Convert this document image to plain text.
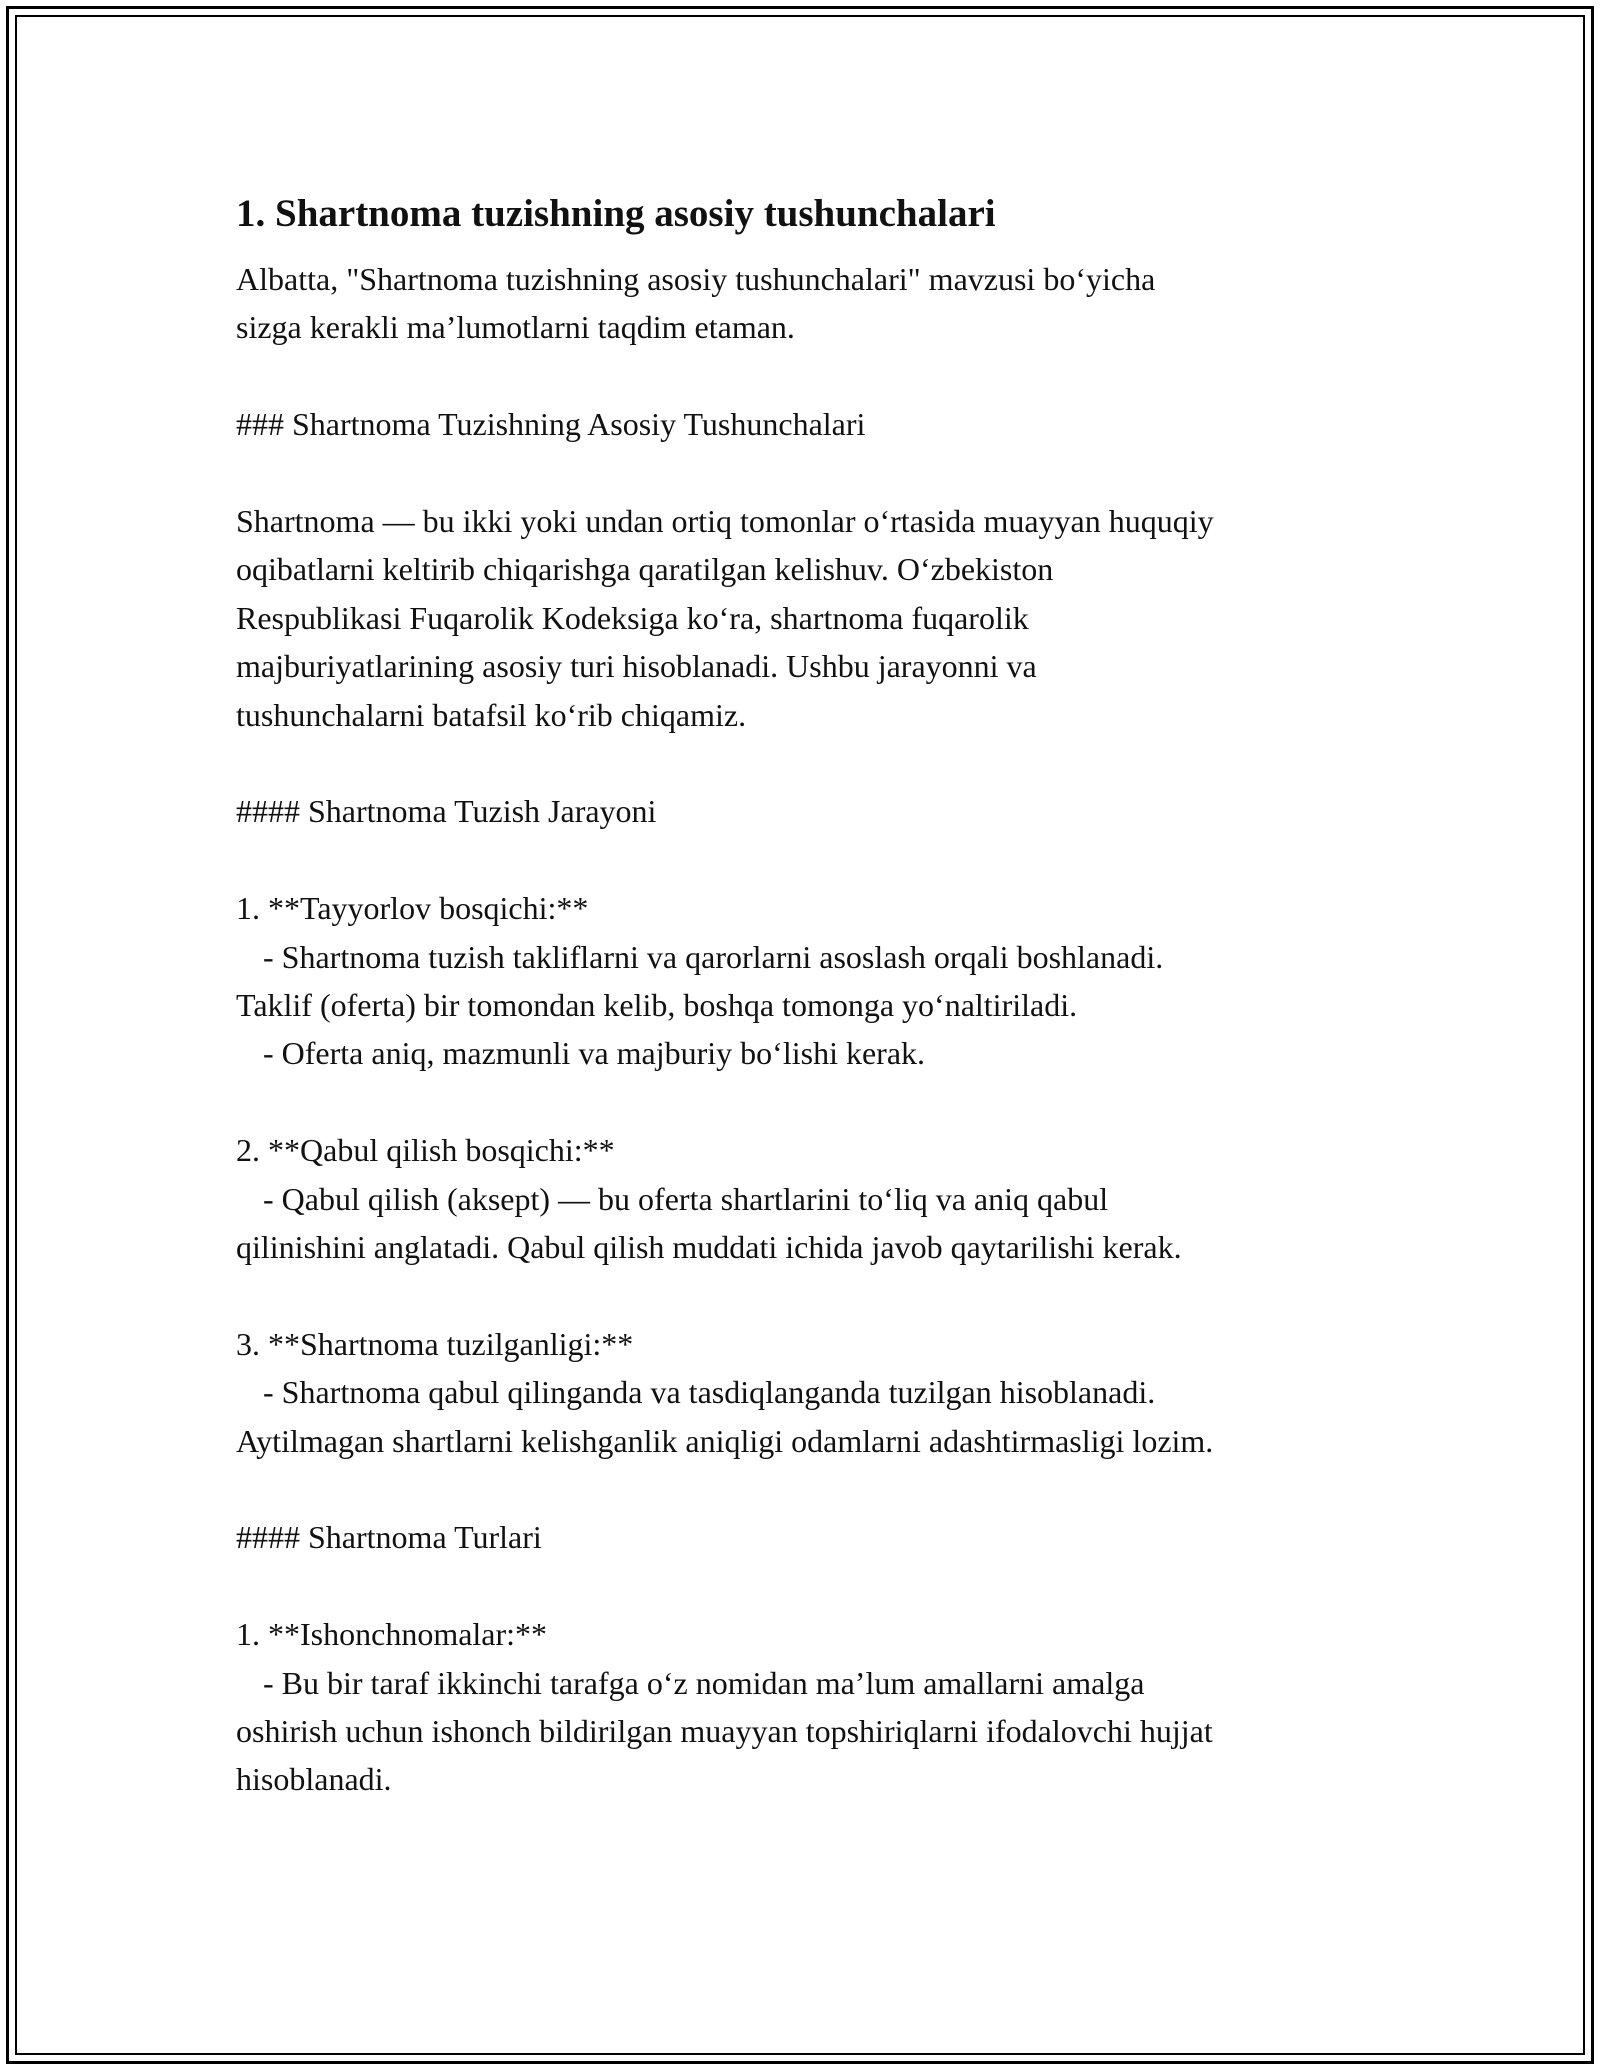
1. Shartnoma tuzishning asosiy tushunchalari
Albatta, "Shartnoma tuzishning asosiy tushunchalari" mavzusi bo‘yicha
sizga kerakli ma’lumotlarni taqdim etaman.
### Shartnoma Tuzishning Asosiy Tushunchalari
Shartnoma — bu ikki yoki undan ortiq tomonlar o‘rtasida muayyan huquqiy
oqibatlarni keltirib chiqarishga qaratilgan kelishuv. O‘zbekiston
Respublikasi Fuqarolik Kodeksiga ko‘ra, shartnoma fuqarolik
majburiyatlarining asosiy turi hisoblanadi. Ushbu jarayonni va
tushunchalarni batafsil ko‘rib chiqamiz.
#### Shartnoma Tuzish Jarayoni
1. **Tayyorlov bosqichi:**
- Shartnoma tuzish takliflarni va qarorlarni asoslash orqali boshlanadi.
Taklif (oferta) bir tomondan kelib, boshqa tomonga yo‘naltiriladi.
- Oferta aniq, mazmunli va majburiy bo‘lishi kerak.
2. **Qabul qilish bosqichi:**
- Qabul qilish (aksept) — bu oferta shartlarini to‘liq va aniq qabul
qilinishini anglatadi. Qabul qilish muddati ichida javob qaytarilishi kerak.
3. **Shartnoma tuzilganligi:**
- Shartnoma qabul qilinganda va tasdiqlanganda tuzilgan hisoblanadi.
Aytilmagan shartlarni kelishganlik aniqligi odamlarni adashtirmasligi lozim.
#### Shartnoma Turlari
1. **Ishonchnomalar:**
- Bu bir taraf ikkinchi tarafga o‘z nomidan ma’lum amallarni amalga
oshirish uchun ishonch bildirilgan muayyan topshiriqlarni ifodalovchi hujjat
hisoblanadi.
